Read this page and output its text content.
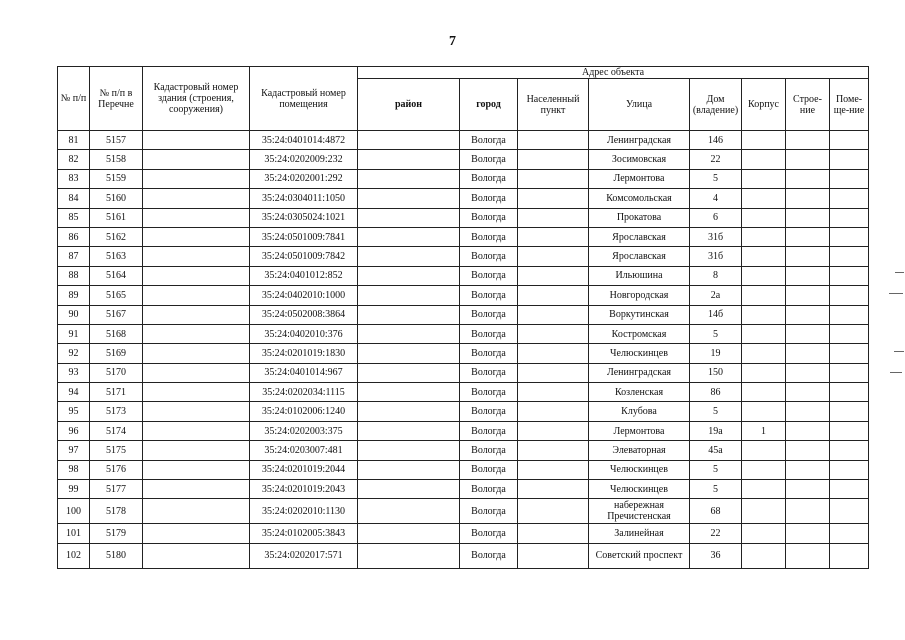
7
№ п/п	№ п/п в Перечне	Кадастровый номер здания (строения, сооружения)	Кадастровый номер помещения	Адрес объекта							
				район	город	Населенный пункт	Улица	Дом (владение)	Корпус	Строе-ние	Поме-ще-ние
81	5157		35:24:0401014:4872		Вологда		Ленинградская	146			
82	5158		35:24:0202009:232		Вологда		Зосимовская	22			
83	5159		35:24:0202001:292		Вологда		Лермонтова	5			
84	5160		35:24:0304011:1050		Вологда		Комсомольская	4			
85	5161		35:24:0305024:1021		Вологда		Прокатова	6			
86	5162		35:24:0501009:7841		Вологда		Ярославская	31б			
87	5163		35:24:0501009:7842		Вологда		Ярославская	31б			
88	5164		35:24:0401012:852		Вологда		Ильюшина	8			
89	5165		35:24:0402010:1000		Вологда		Новгородская	2а			
90	5167		35:24:0502008:3864		Вологда		Воркутинская	14б			
91	5168		35:24:0402010:376		Вологда		Костромская	5			
92	5169		35:24:0201019:1830		Вологда		Челюскинцев	19			
93	5170		35:24:0401014:967		Вологда		Ленинградская	150			
94	5171		35:24:0202034:1115		Вологда		Козленская	86			
95	5173		35:24:0102006:1240		Вологда		Клубова	5			
96	5174		35:24:0202003:375		Вологда		Лермонтова	19а	1		
97	5175		35:24:0203007:481		Вологда		Элеваторная	45а			
98	5176		35:24:0201019:2044		Вологда		Челюскинцев	5			
99	5177		35:24:0201019:2043		Вологда		Челюскинцев	5			
100	5178		35:24:0202010:1130		Вологда		набережная Пречистенская	68			
101	5179		35:24:0102005:3843		Вологда		Залинейная	22			
102	5180		35:24:0202017:571		Вологда		Советский проспект	36			
